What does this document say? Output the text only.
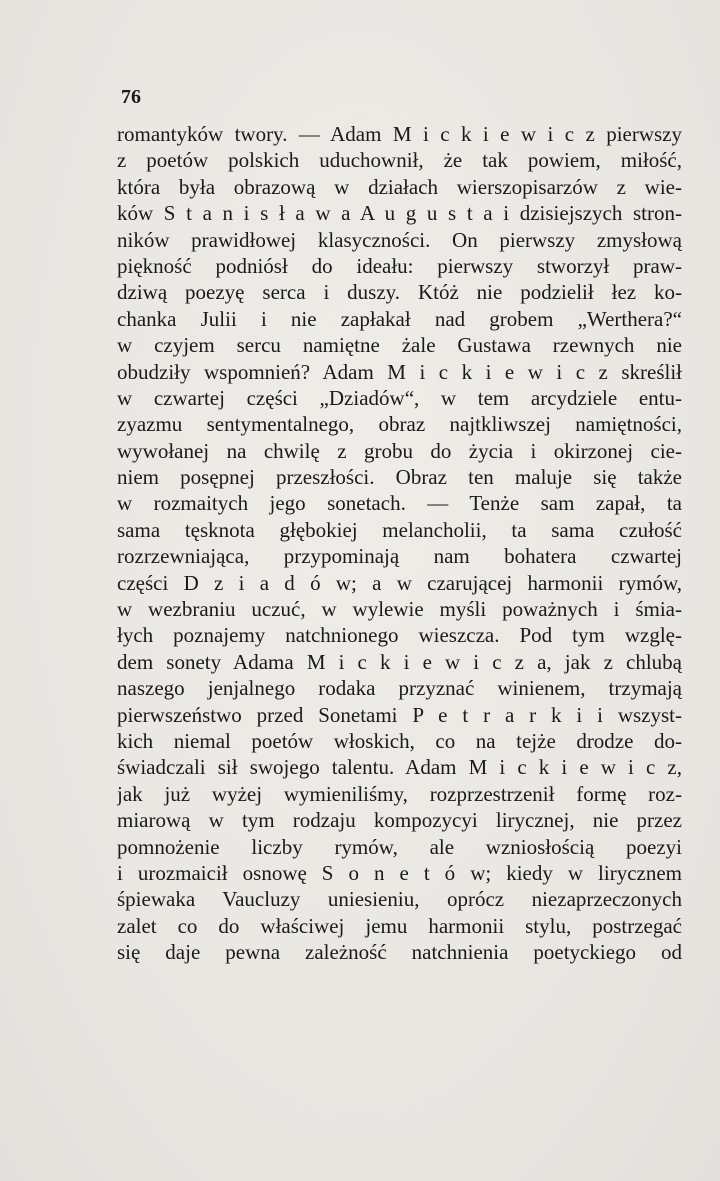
76

romantyków twory. — Adam M i c k i e w i c z pierwszy
z poetów polskich uduchownił, że tak powiem, miłość,
która była obrazową w działach wierszopisarzów z wie-
ków S t a n i s ł a w a A u g u s t a i dzisiejszych stron-
ników prawidłowej klasyczności. On pierwszy zmysłową
piękność podniósł do ideału: pierwszy stworzył praw-
dziwą poezyę serca i duszy. Któż nie podzielił łez ko-
chanka Julii i nie zapłakał nad grobem „Werthera?“
w czyjem sercu namiętne żale Gustawa rzewnych nie
obudziły wspomnień? Adam M i c k i e w i c z skreślił
w czwartej części „Dziadów“, w tem arcydziele entu-
zyazmu sentymentalnego, obraz najtkliwszej namiętności,
wywołanej na chwilę z grobu do życia i okirzonej cie-
niem posępnej przeszłości. Obraz ten maluje się także
w rozmaitych jego sonetach. — Tenże sam zapał, ta
sama tęsknota głębokiej melancholii, ta sama czułość
rozrzewniająca, przypominają nam bohatera czwartej
części D z i a d ó w; a w czarującej harmonii rymów,
w wezbraniu uczuć, w wylewie myśli poważnych i śmia-
łych poznajemy natchnionego wieszcza. Pod tym wzglę-
dem sonety Adama M i c k i e w i c z a, jak z chlubą
naszego jenjalnego rodaka przyznać winienem, trzymają
pierwszeństwo przed Sonetami P e t r a r k i i wszyst-
kich niemal poetów włoskich, co na tejże drodze do-
świadczali sił swojego talentu. Adam M i c k i e w i c z,
jak już wyżej wymieniliśmy, rozprzestrzenił formę roz-
miarową w tym rodzaju kompozycyi lirycznej, nie przez
pomnożenie liczby rymów, ale wzniosłością poezyi
i urozmaicił osnowę S o n e t ó w; kiedy w lirycznem
śpiewaka Vaucluzy uniesieniu, oprócz niezaprzeczonych
zalet co do właściwej jemu harmonii stylu, postrzegać
się daje pewna zależność natchnienia poetyckiego od
